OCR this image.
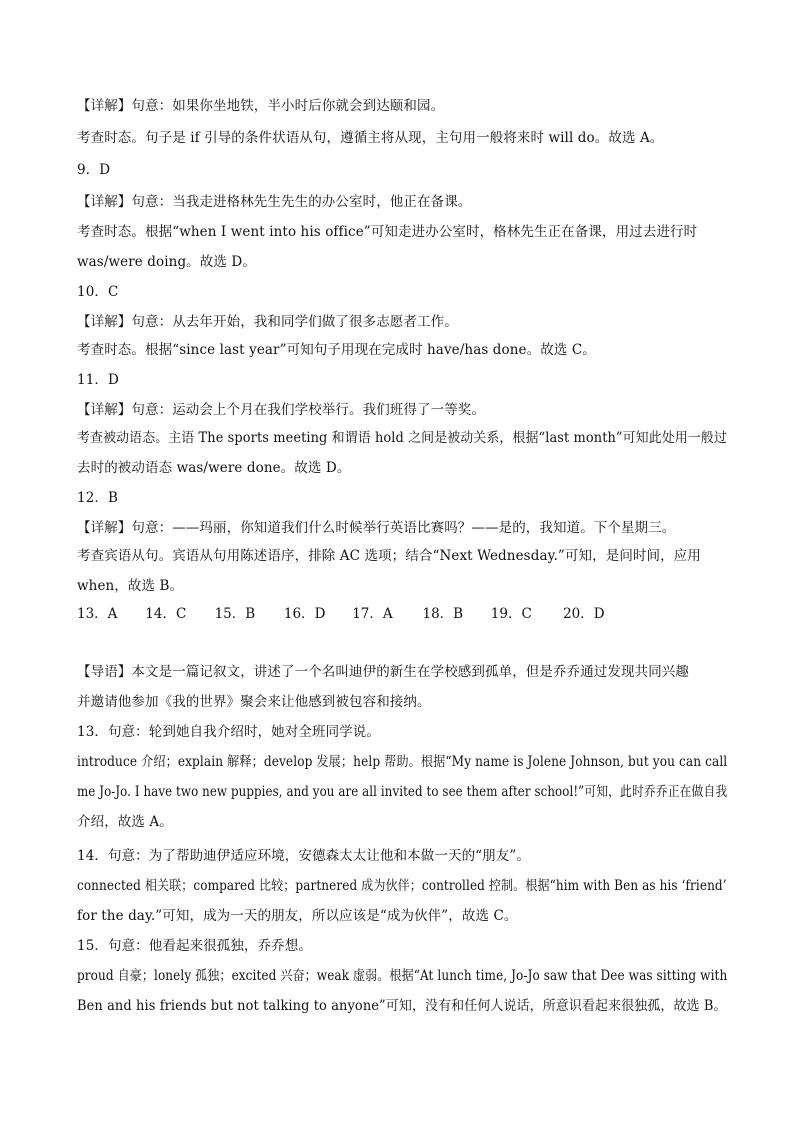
【详解】句意：如果你坐地铁，半小时后你就会到达颐和园。
考查时态。句子是 if 引导的条件状语从句，遵循主将从现，主句用一般将来时 will do。故选 A。
9．D
【详解】句意：当我走进格林先生先生的办公室时，他正在备课。
考查时态。根据“when I went into his office”可知走进办公室时，格林先生正在备课，用过去进行时
was/were doing。故选 D。
10．C
【详解】句意：从去年开始，我和同学们做了很多志愿者工作。
考查时态。根据“since last year”可知句子用现在完成时 have/has done。故选 C。
11．D
【详解】句意：运动会上个月在我们学校举行。我们班得了一等奖。
考查被动语态。主语 The sports meeting 和谓语 hold 之间是被动关系，根据“last month”可知此处用一般过
去时的被动语态 was/were done。故选 D。
12．B
【详解】句意：——玛丽，你知道我们什么时候举行英语比赛吗？——是的，我知道。下个星期三。
考查宾语从句。宾语从句用陈述语序，排除 AC 选项；结合“Next Wednesday.”可知，是问时间，应用
when，故选 B。
13．A 14．C 15．B 16．D 17．A 18．B 19．C 20．D
【导语】本文是一篇记叙文，讲述了一个名叫迪伊的新生在学校感到孤单，但是乔乔通过发现共同兴趣
并邀请他参加《我的世界》聚会来让他感到被包容和接纳。
13．句意：轮到她自我介绍时，她对全班同学说。
introduce 介绍；explain 解释；develop 发展；help 帮助。根据“My name is Jolene Johnson, but you can call
me Jo-Jo. I have two new puppies, and you are all invited to see them after school!”可知，此时乔乔正在做自我
介绍，故选 A。
14．句意：为了帮助迪伊适应环境，安德森太太让他和本做一天的“朋友”。
connected 相关联；compared 比较；partnered 成为伙伴；controlled 控制。根据“him with Ben as his ‘friend’
for the day.”可知，成为一天的朋友，所以应该是“成为伙伴”，故选 C。
15．句意：他看起来很孤独，乔乔想。
proud 自豪；lonely 孤独；excited 兴奋；weak 虚弱。根据“At lunch time, Jo-Jo saw that Dee was sitting with
Ben and his friends but not talking to anyone”可知，没有和任何人说话，所意识看起来很独孤，故选 B。
